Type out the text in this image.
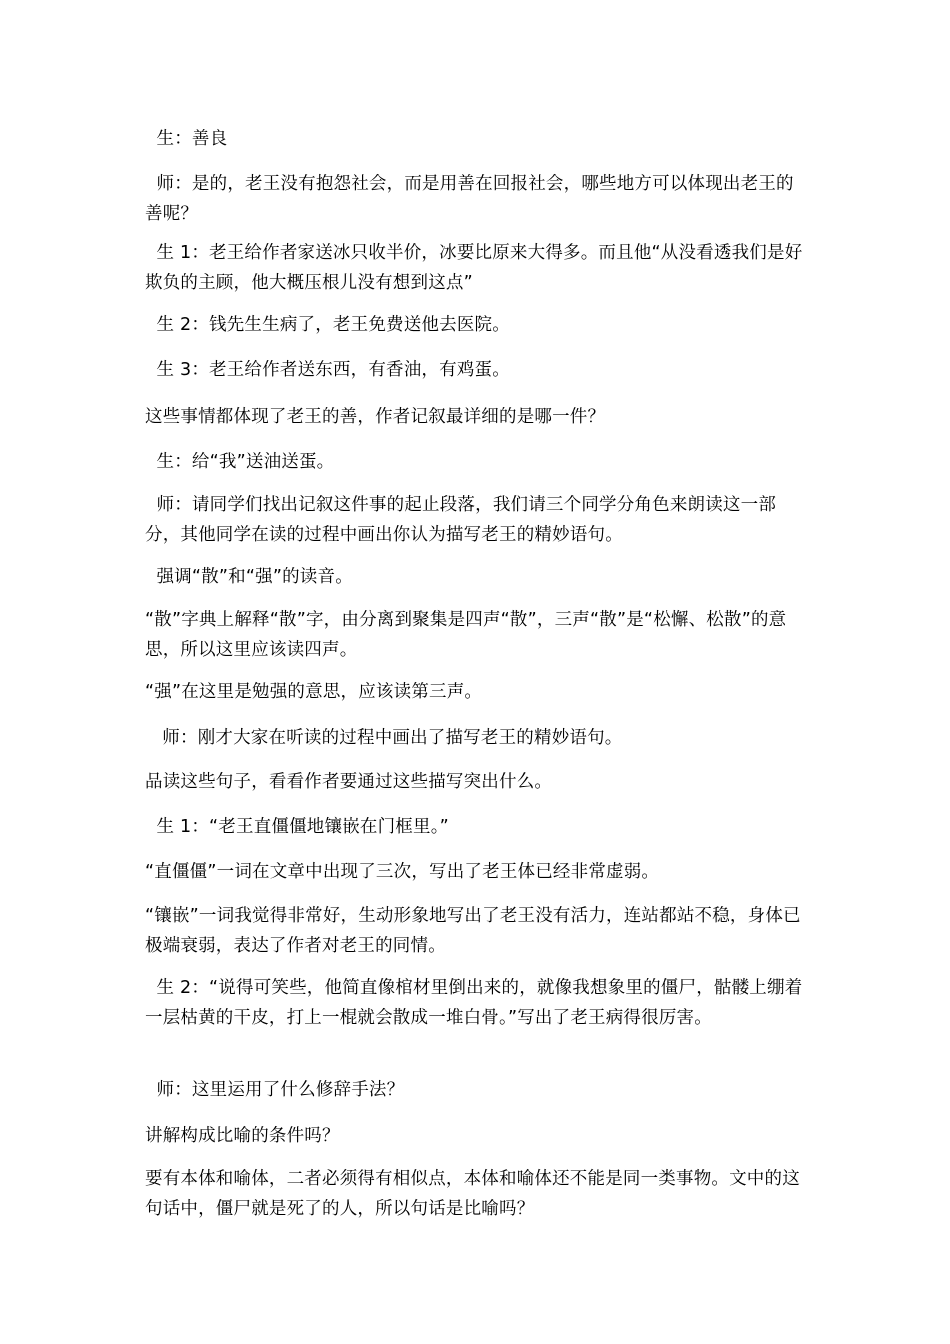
生：善良

师：是的，老王没有抱怨社会，而是用善在回报社会，哪些地方可以体现出老王的善呢？

生 1：老王给作者家送冰只收半价，冰要比原来大得多。而且他“从没看透我们是好欺负的主顾，他大概压根儿没有想到这点”

生 2：钱先生生病了，老王免费送他去医院。

生 3：老王给作者送东西，有香油，有鸡蛋。

这些事情都体现了老王的善，作者记叙最详细的是哪一件？

生：给“我”送油送蛋。

师：请同学们找出记叙这件事的起止段落，我们请三个同学分角色来朗读这一部分，其他同学在读的过程中画出你认为描写老王的精妙语句。

强调“散”和“强”的读音。

“散”字典上解释“散”字，由分离到聚集是四声“散”，三声“散”是“松懈、松散”的意思，所以这里应该读四声。

“强”在这里是勉强的意思，应该读第三声。

师：刚才大家在听读的过程中画出了描写老王的精妙语句。

品读这些句子，看看作者要通过这些描写突出什么。

生 1：“老王直僵僵地镶嵌在门框里。”

“直僵僵”一词在文章中出现了三次，写出了老王体已经非常虚弱。

“镶嵌”一词我觉得非常好，生动形象地写出了老王没有活力，连站都站不稳，身体已极端衰弱，表达了作者对老王的同情。

生 2：“说得可笑些，他简直像棺材里倒出来的，就像我想象里的僵尸，骷髅上绷着一层枯黄的干皮，打上一棍就会散成一堆白骨。”写出了老王病得很厉害。

师：这里运用了什么修辞手法？

讲解构成比喻的条件吗？

要有本体和喻体，二者必须得有相似点，本体和喻体还不能是同一类事物。文中的这句话中，僵尸就是死了的人，所以句话是比喻吗？
